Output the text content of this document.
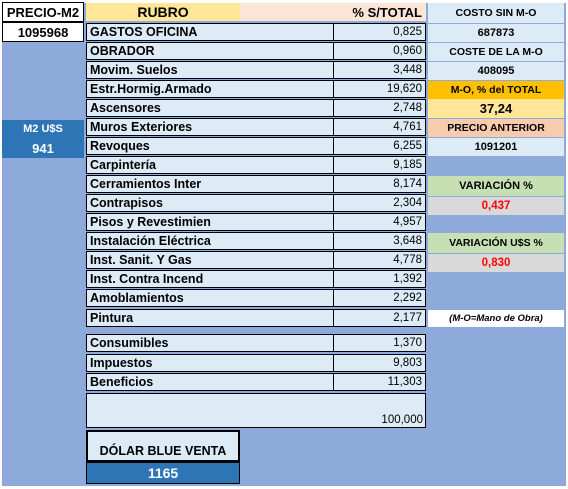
PRECIO-M2
1095968
M2 U$S
941
RUBRO	% S/TOTAL
GASTOS OFICINA	0,825
OBRADOR	0,960
Movim. Suelos	3,448
Estr.Hormig.Armado	19,620
Ascensores	2,748
Muros Exteriores	4,761
Revoques	6,255
Carpintería	9,185
Cerramientos Inter	8,174
Contrapisos	2,304
Pisos y Revestimien	4,957
Instalación Eléctrica	3,648
Inst. Sanit. Y Gas	4,778
Inst. Contra Incend	1,392
Amoblamientos	2,292
Pintura	2,177
Consumibles	1,370
Impuestos	9,803
Beneficios	11,303
100,000
DÓLAR BLUE VENTA
1165
COSTO SIN M-O
687873
COSTE DE LA M-O
408095
M-O, % del TOTAL
37,24
PRECIO ANTERIOR
1091201
VARIACIÓN %
0,437
VARIACIÓN U$S %
0,830
(M-O=Mano de Obra)
